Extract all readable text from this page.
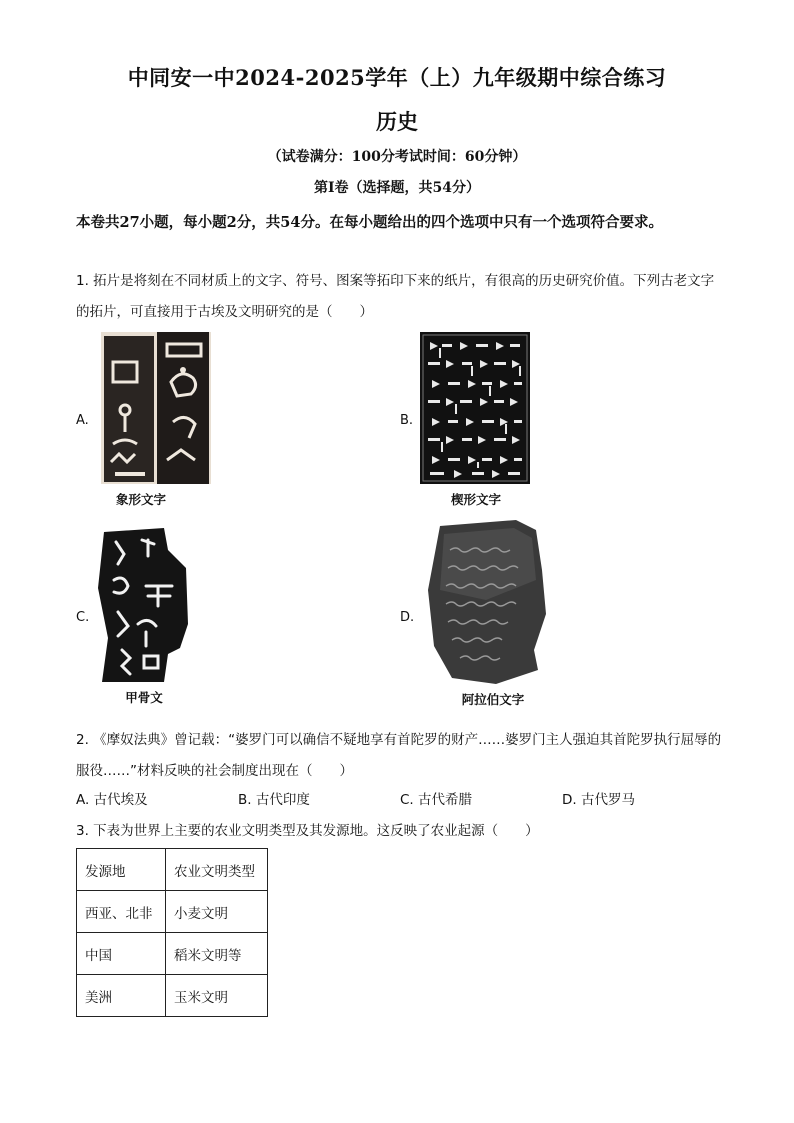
中同安一中2024-2025学年（上）九年级期中综合练习
历史
（试卷满分：100分考试时间：60分钟）
第Ⅰ卷（选择题，共54分）
本卷共27小题，每小题2分，共54分。在每小题给出的四个选项中只有一个选项符合要求。
1. 拓片是将刻在不同材质上的文字、符号、图案等拓印下来的纸片，有很高的历史研究价值。下列古老文字的拓片，可直接用于古埃及文明研究的是（　　）
A.
象形文字
B.
楔形文字
C.
甲骨文
D.
阿拉伯文字
2. 《摩奴法典》曾记载：“婆罗门可以确信不疑地享有首陀罗的财产……婆罗门主人强迫其首陀罗执行屈辱的服役……”材料反映的社会制度出现在（　　）
A. 古代埃及	B. 古代印度	C. 古代希腊	D. 古代罗马
3. 下表为世界上主要的农业文明类型及其发源地。这反映了农业起源（　　）
发源地	农业文明类型
西亚、北非	小麦文明
中国	稻米文明等
美洲	玉米文明
